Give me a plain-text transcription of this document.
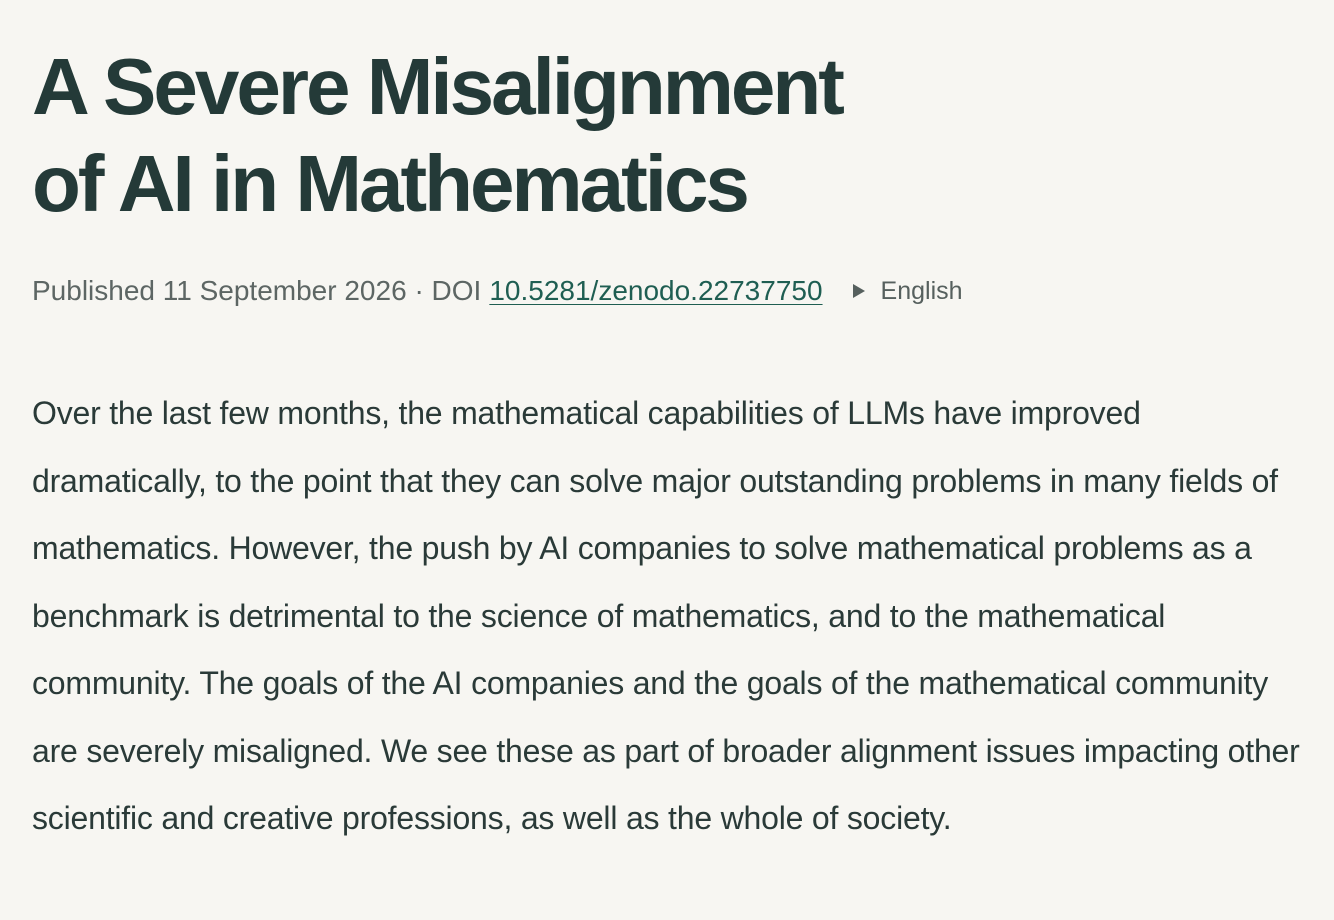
A Severe Misalignment
of AI in Mathematics
Published
11 September 2026
·
DOI 10.5281/zenodo.22737750 English

Over the last few months, the mathematical capabilities of LLMs have improved dramatically, to the point that they can solve major outstanding problems in many fields of mathematics. However, the push by AI companies to solve mathematical problems as a benchmark is detrimental to the science of mathematics, and to the mathematical community. The goals of the AI companies and the goals of the mathematical community are severely misaligned. We see these as part of broader alignment issues impacting other scientific and creative professions, as well as the whole of society.
